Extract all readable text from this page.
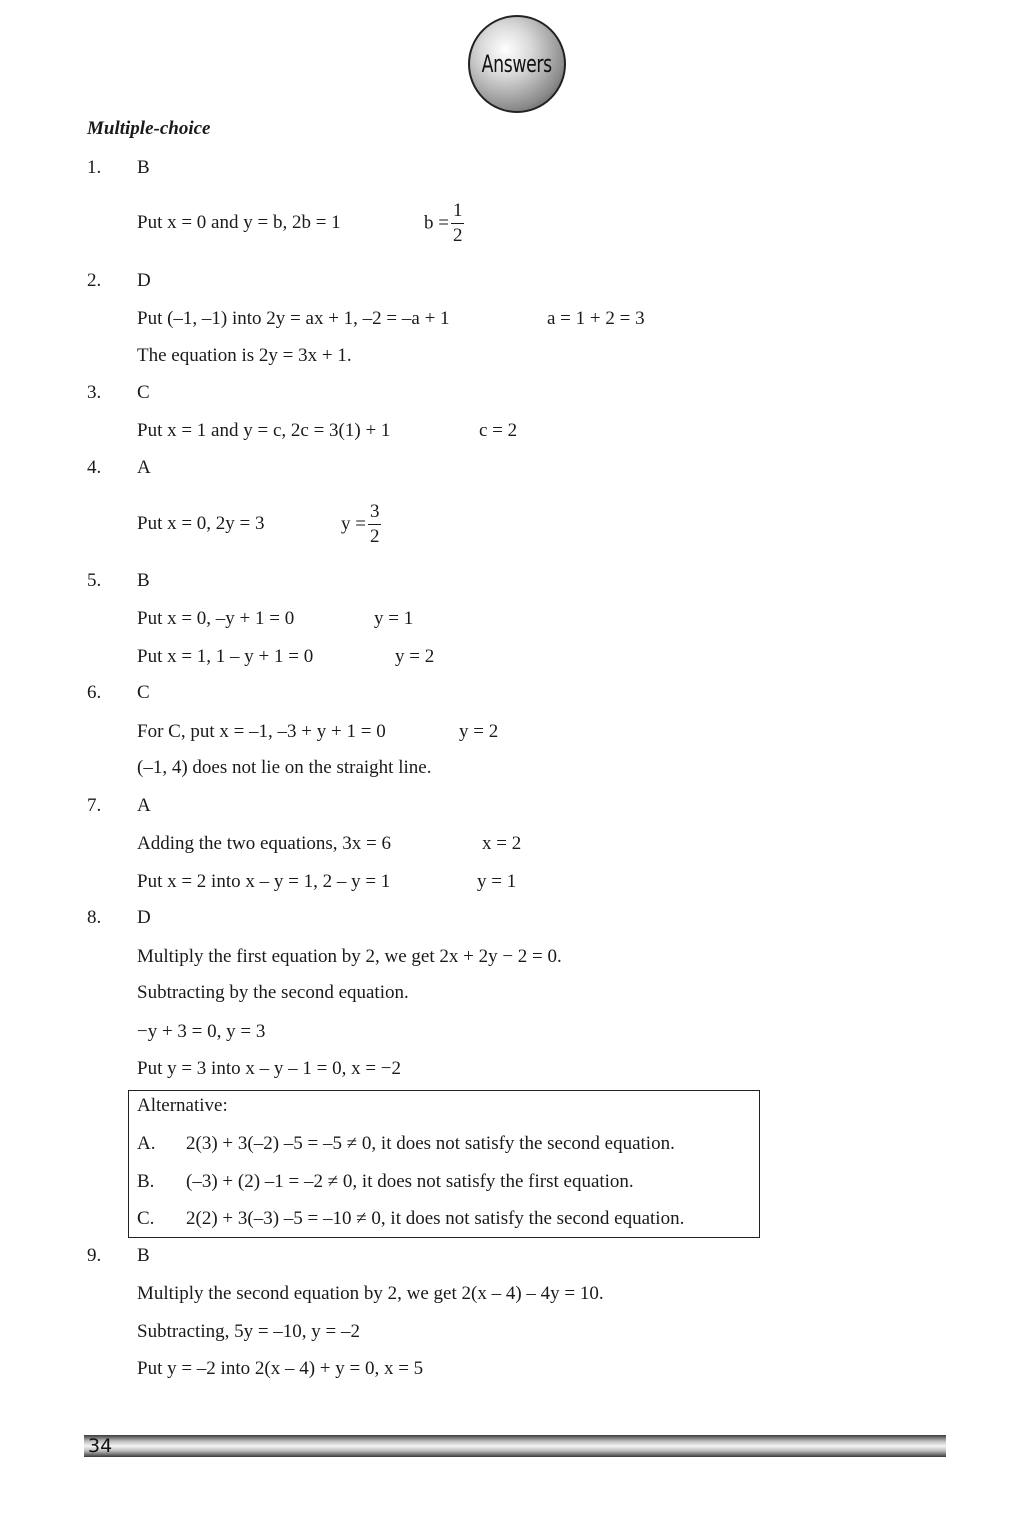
Answers
Multiple-choice
1. B
Put x = 0 and y = b, 2b = 1	$b = \frac{1}{2}$
2. D
Put (–1, –1) into 2y = ax + 1, –2 = –a + 1	a = 1 + 2 = 3
The equation is 2y = 3x + 1.
3. C
Put x = 1 and y = c, 2c = 3(1) + 1	c = 2
4. A
Put x = 0, 2y = 3	$y = \frac{3}{2}$
5. B
Put x = 0, –y + 1 = 0	y = 1
Put x = 1, 1 – y + 1 = 0	y = 2
6. C
For C, put x = –1, –3 + y + 1 = 0	y = 2
(–1, 4) does not lie on the straight line.
7. A
Adding the two equations, 3x = 6	x = 2
Put x = 2 into x – y = 1, 2 – y = 1	y = 1
8. D
Multiply the first equation by 2, we get 2x + 2y − 2 = 0.
Subtracting by the second equation.
−y + 3 = 0, y = 3
Put y = 3 into x – y – 1 = 0, x = −2
Alternative:
A. 2(3) + 3(–2) –5 = –5 ≠ 0, it does not satisfy the second equation.
B. (–3) + (2) –1 = –2 ≠ 0, it does not satisfy the first equation.
C. 2(2) + 3(–3) –5 = –10 ≠ 0, it does not satisfy the second equation.
9. B
Multiply the second equation by 2, we get 2(x – 4) – 4y = 10.
Subtracting, 5y = –10, y = –2
Put y = –2 into 2(x – 4) + y = 0, x = 5
34
